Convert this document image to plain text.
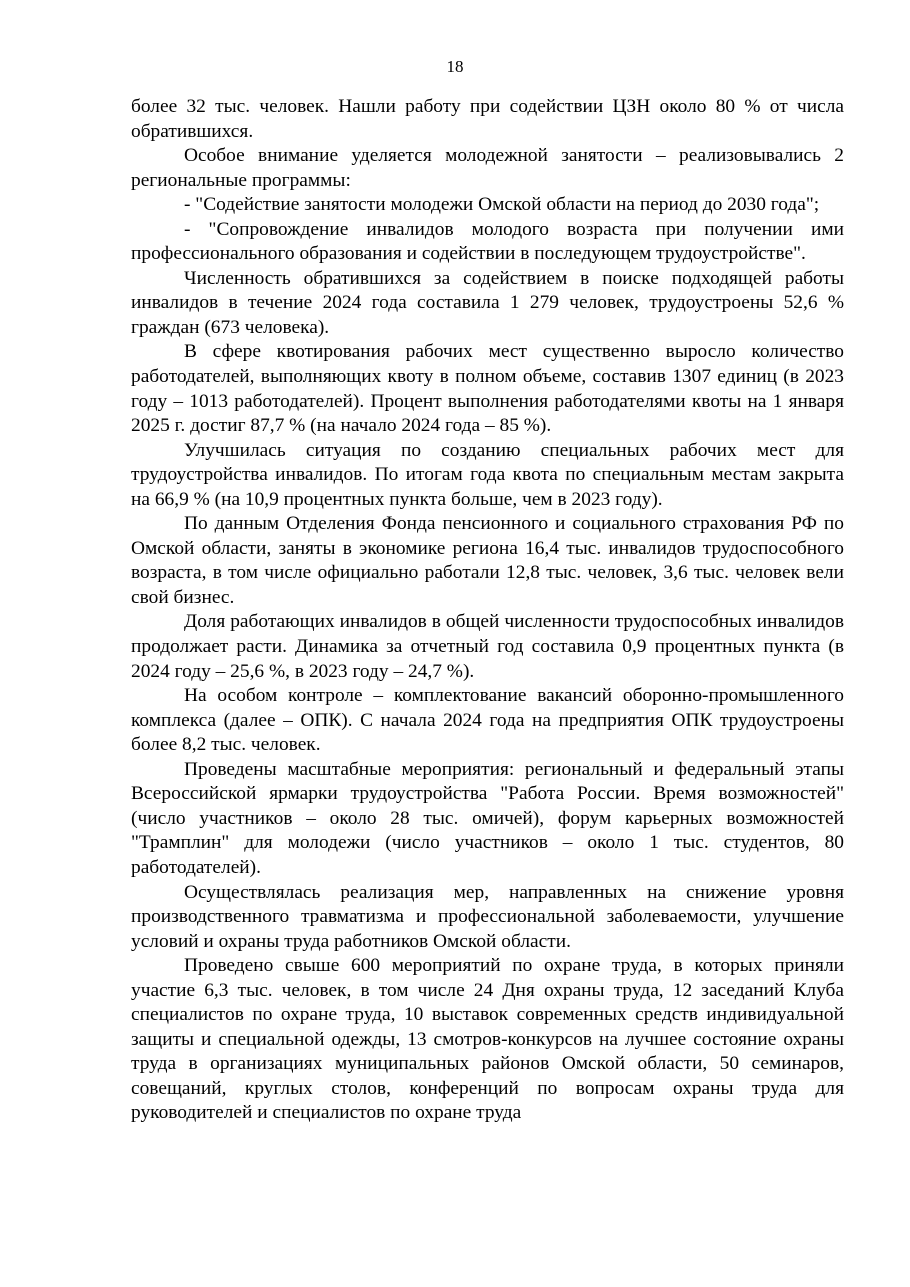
18

более 32 тыс. человек. Нашли работу при содействии ЦЗН около 80 % от числа обратившихся.

Особое внимание уделяется молодежной занятости – реализовывались 2 региональные программы:

- "Содействие занятости молодежи Омской области на период до 2030 года";

- "Сопровождение инвалидов молодого возраста при получении ими профессионального образования и содействии в последующем трудоустройстве".

Численность обратившихся за содействием в поиске подходящей работы инвалидов в течение 2024 года составила 1 279 человек, трудоустроены 52,6 % граждан (673 человека).

В сфере квотирования рабочих мест существенно выросло количество работодателей, выполняющих квоту в полном объеме, составив 1307 единиц (в 2023 году – 1013 работодателей). Процент выполнения работодателями квоты на 1 января 2025 г. достиг 87,7 % (на начало 2024 года – 85 %).

Улучшилась ситуация по созданию специальных рабочих мест для трудоустройства инвалидов. По итогам года квота по специальным местам закрыта на 66,9 % (на 10,9 процентных пункта больше, чем в 2023 году).

По данным Отделения Фонда пенсионного и социального страхования РФ по Омской области, заняты в экономике региона 16,4 тыс. инвалидов трудоспособного возраста, в том числе официально работали 12,8 тыс. человек, 3,6 тыс. человек вели свой бизнес.

Доля работающих инвалидов в общей численности трудоспособных инвалидов продолжает расти. Динамика за отчетный год составила 0,9 процентных пункта (в 2024 году – 25,6 %, в 2023 году – 24,7 %).

На особом контроле – комплектование вакансий оборонно-промышленного комплекса (далее – ОПК). С начала 2024 года на предприятия ОПК трудоустроены более 8,2 тыс. человек.

Проведены масштабные мероприятия: региональный и федеральный этапы Всероссийской ярмарки трудоустройства "Работа России. Время возможностей" (число участников – около 28 тыс. омичей), форум карьерных возможностей "Трамплин" для молодежи (число участников – около 1 тыс. студентов, 80 работодателей).

Осуществлялась реализация мер, направленных на снижение уровня производственного травматизма и профессиональной заболеваемости, улучшение условий и охраны труда работников Омской области.

Проведено свыше 600 мероприятий по охране труда, в которых приняли участие 6,3 тыс. человек, в том числе 24 Дня охраны труда, 12 заседаний Клуба специалистов по охране труда, 10 выставок современных средств индивидуальной защиты и специальной одежды, 13 смотров-конкурсов на лучшее состояние охраны труда в организациях муниципальных районов Омской области, 50 семинаров, совещаний, круглых столов, конференций по вопросам охраны труда для руководителей и специалистов по охране труда
